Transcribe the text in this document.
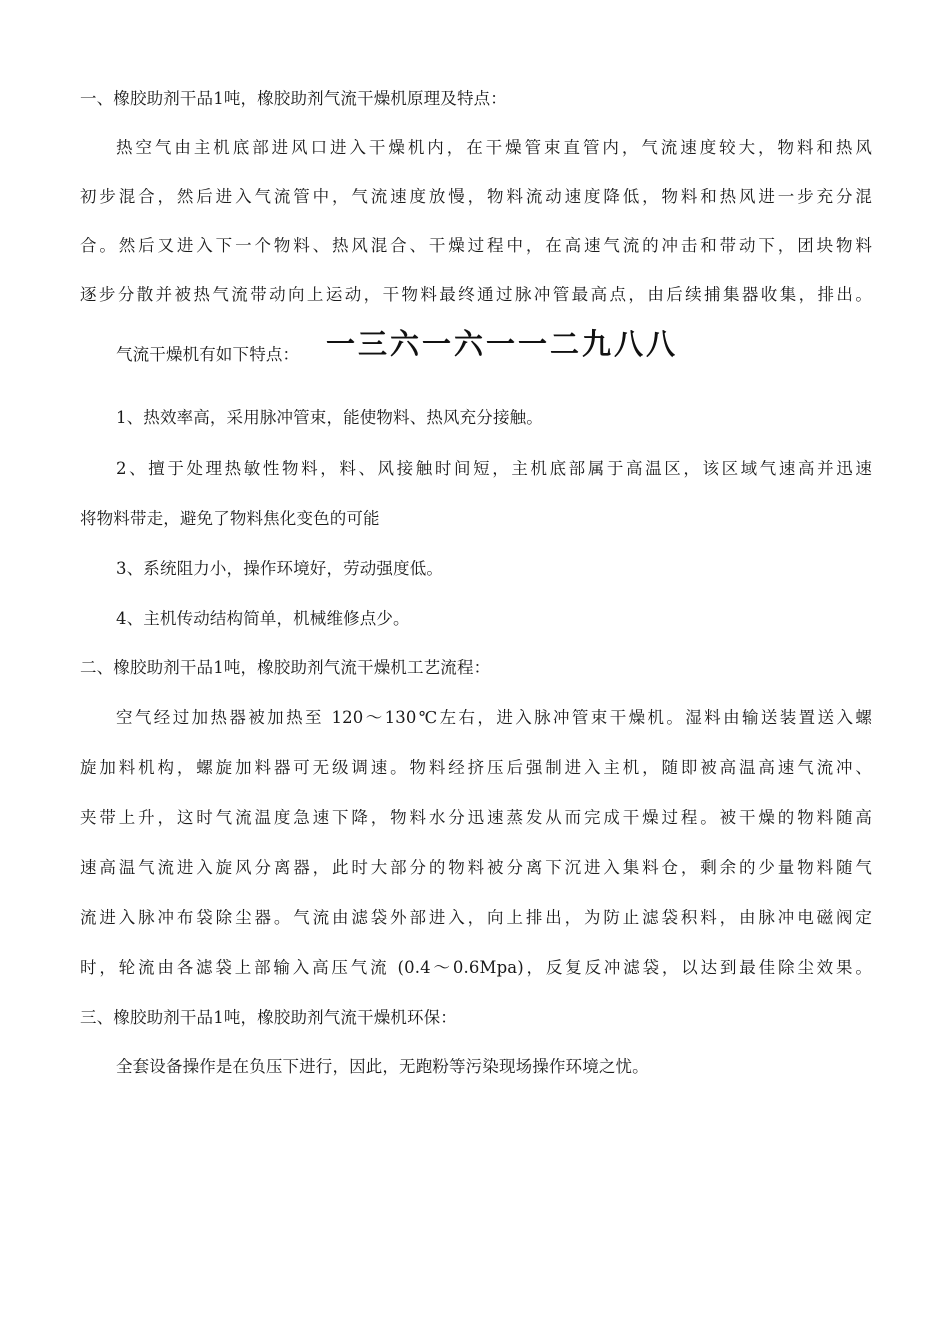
一、橡胶助剂干品1吨，橡胶助剂气流干燥机原理及特点：
热空气由主机底部进风口进入干燥机内，在干燥管束直管内，气流速度较大，物料和热风
初步混合，然后进入气流管中，气流速度放慢，物料流动速度降低，物料和热风进一步充分混
合。然后又进入下一个物料、热风混合、干燥过程中，在高速气流的冲击和带动下，团块物料
逐步分散并被热气流带动向上运动，干物料最终通过脉冲管最高点，由后续捕集器收集，排出。
气流干燥机有如下特点： 一三六一六一一二九八八
1、热效率高，采用脉冲管束，能使物料、热风充分接触。
2、擅于处理热敏性物料，料、风接触时间短，主机底部属于高温区，该区域气速高并迅速
将物料带走，避免了物料焦化变色的可能
3、系统阻力小，操作环境好，劳动强度低。
4、主机传动结构简单，机械维修点少。
二、橡胶助剂干品1吨，橡胶助剂气流干燥机工艺流程：
空气经过加热器被加热至 120～130℃左右，进入脉冲管束干燥机。湿料由输送装置送入螺
旋加料机构，螺旋加料器可无级调速。物料经挤压后强制进入主机，随即被高温高速气流冲、
夹带上升，这时气流温度急速下降，物料水分迅速蒸发从而完成干燥过程。被干燥的物料随高
速高温气流进入旋风分离器，此时大部分的物料被分离下沉进入集料仓，剩余的少量物料随气
流进入脉冲布袋除尘器。气流由滤袋外部进入，向上排出，为防止滤袋积料，由脉冲电磁阀定
时，轮流由各滤袋上部输入高压气流 (0.4～0.6Mpa)，反复反冲滤袋，以达到最佳除尘效果。
三、橡胶助剂干品1吨，橡胶助剂气流干燥机环保：
全套设备操作是在负压下进行，因此，无跑粉等污染现场操作环境之忧。
